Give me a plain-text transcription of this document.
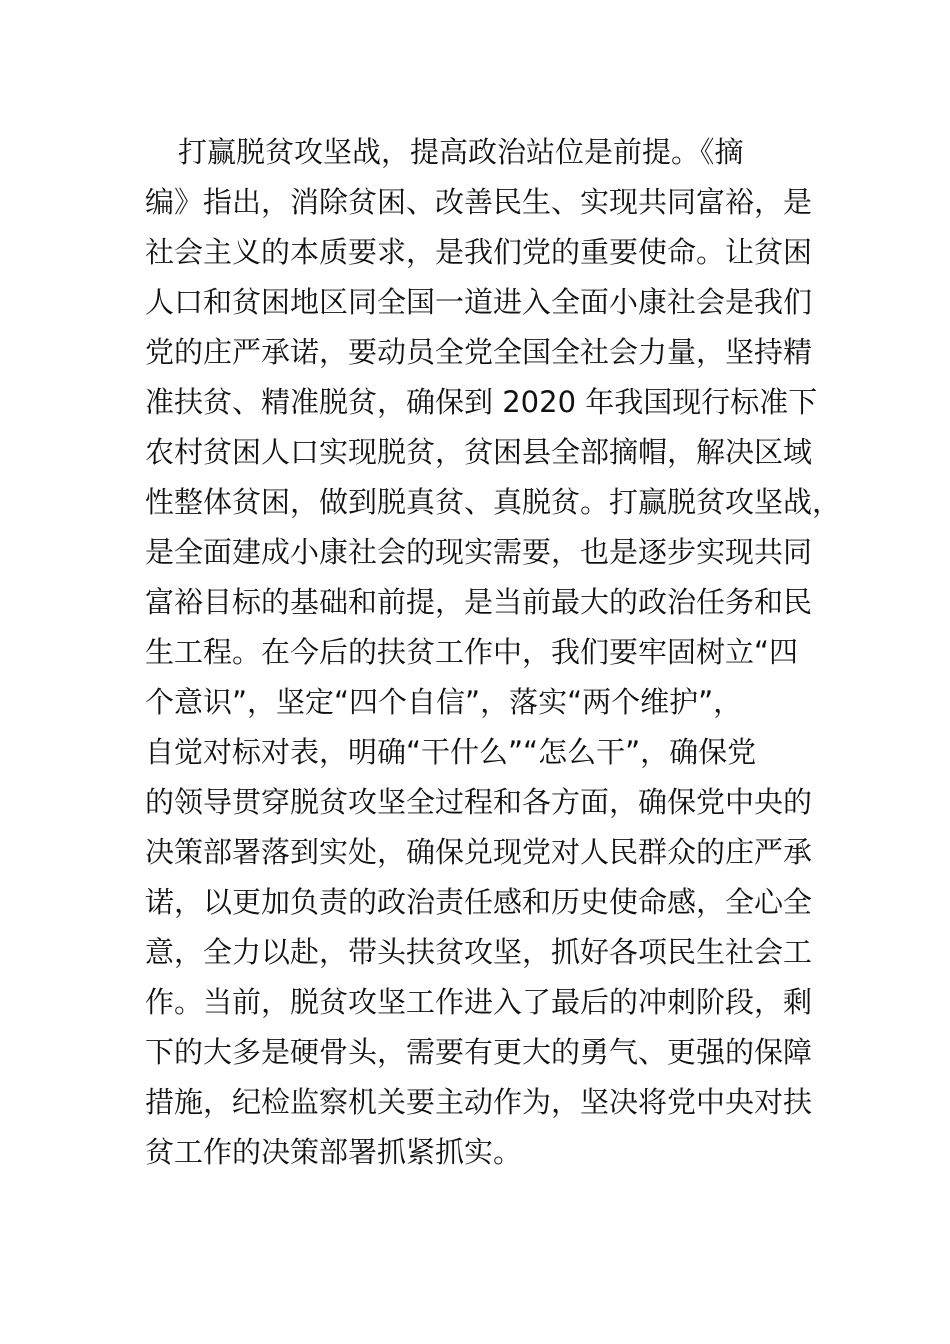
打赢脱贫攻坚战，提高政治站位是前提。《摘
编》指出，消除贫困、改善民生、实现共同富裕，是
社会主义的本质要求，是我们党的重要使命。让贫困
人口和贫困地区同全国一道进入全面小康社会是我们
党的庄严承诺，要动员全党全国全社会力量，坚持精
准扶贫、精准脱贫，确保到 2020 年我国现行标准下
农村贫困人口实现脱贫，贫困县全部摘帽，解决区域
性整体贫困，做到脱真贫、真脱贫。打赢脱贫攻坚战，
是全面建成小康社会的现实需要，也是逐步实现共同
富裕目标的基础和前提，是当前最大的政治任务和民
生工程。在今后的扶贫工作中，我们要牢固树立“四
个意识”，坚定“四个自信”，落实“两个维护”，
自觉对标对表，明确“干什么”“怎么干”，确保党
的领导贯穿脱贫攻坚全过程和各方面，确保党中央的
决策部署落到实处，确保兑现党对人民群众的庄严承
诺，以更加负责的政治责任感和历史使命感，全心全
意，全力以赴，带头扶贫攻坚，抓好各项民生社会工
作。当前，脱贫攻坚工作进入了最后的冲刺阶段，剩
下的大多是硬骨头，需要有更大的勇气、更强的保障
措施，纪检监察机关要主动作为，坚决将党中央对扶
贫工作的决策部署抓紧抓实。
